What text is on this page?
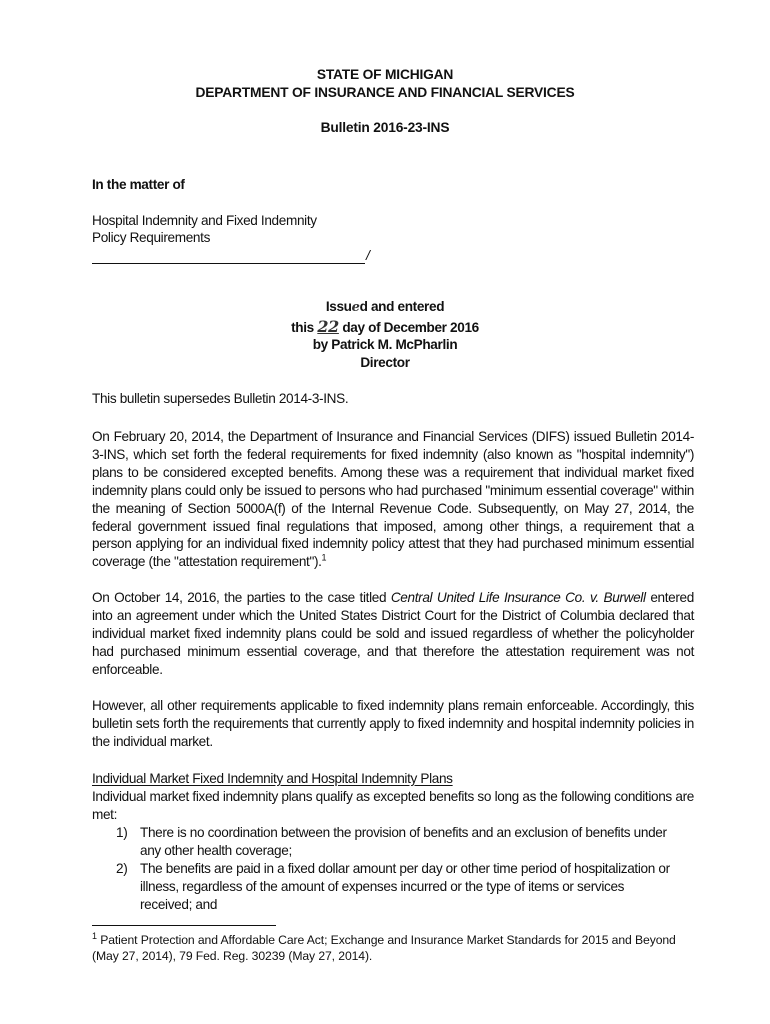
STATE OF MICHIGAN
DEPARTMENT OF INSURANCE AND FINANCIAL SERVICES
Bulletin 2016-23-INS
In the matter of
Hospital Indemnity and Fixed Indemnity
Policy Requirements
/
Issued and entered
this 22 day of December 2016
by Patrick M. McPharlin
Director
This bulletin supersedes Bulletin 2014-3-INS.
On February 20, 2014, the Department of Insurance and Financial Services (DIFS) issued Bulletin 2014-3-INS, which set forth the federal requirements for fixed indemnity (also known as "hospital indemnity") plans to be considered excepted benefits. Among these was a requirement that individual market fixed indemnity plans could only be issued to persons who had purchased "minimum essential coverage" within the meaning of Section 5000A(f) of the Internal Revenue Code. Subsequently, on May 27, 2014, the federal government issued final regulations that imposed, among other things, a requirement that a person applying for an individual fixed indemnity policy attest that they had purchased minimum essential coverage (the "attestation requirement").$^1$
On October 14, 2016, the parties to the case titled Central United Life Insurance Co. v. Burwell entered into an agreement under which the United States District Court for the District of Columbia declared that individual market fixed indemnity plans could be sold and issued regardless of whether the policyholder had purchased minimum essential coverage, and that therefore the attestation requirement was not enforceable.
However, all other requirements applicable to fixed indemnity plans remain enforceable. Accordingly, this bulletin sets forth the requirements that currently apply to fixed indemnity and hospital indemnity policies in the individual market.
Individual Market Fixed Indemnity and Hospital Indemnity Plans
Individual market fixed indemnity plans qualify as excepted benefits so long as the following conditions are met:
1) There is no coordination between the provision of benefits and an exclusion of benefits under any other health coverage;
2) The benefits are paid in a fixed dollar amount per day or other time period of hospitalization or illness, regardless of the amount of expenses incurred or the type of items or services received; and
$^1$ Patient Protection and Affordable Care Act; Exchange and Insurance Market Standards for 2015 and Beyond (May 27, 2014), 79 Fed. Reg. 30239 (May 27, 2014).
